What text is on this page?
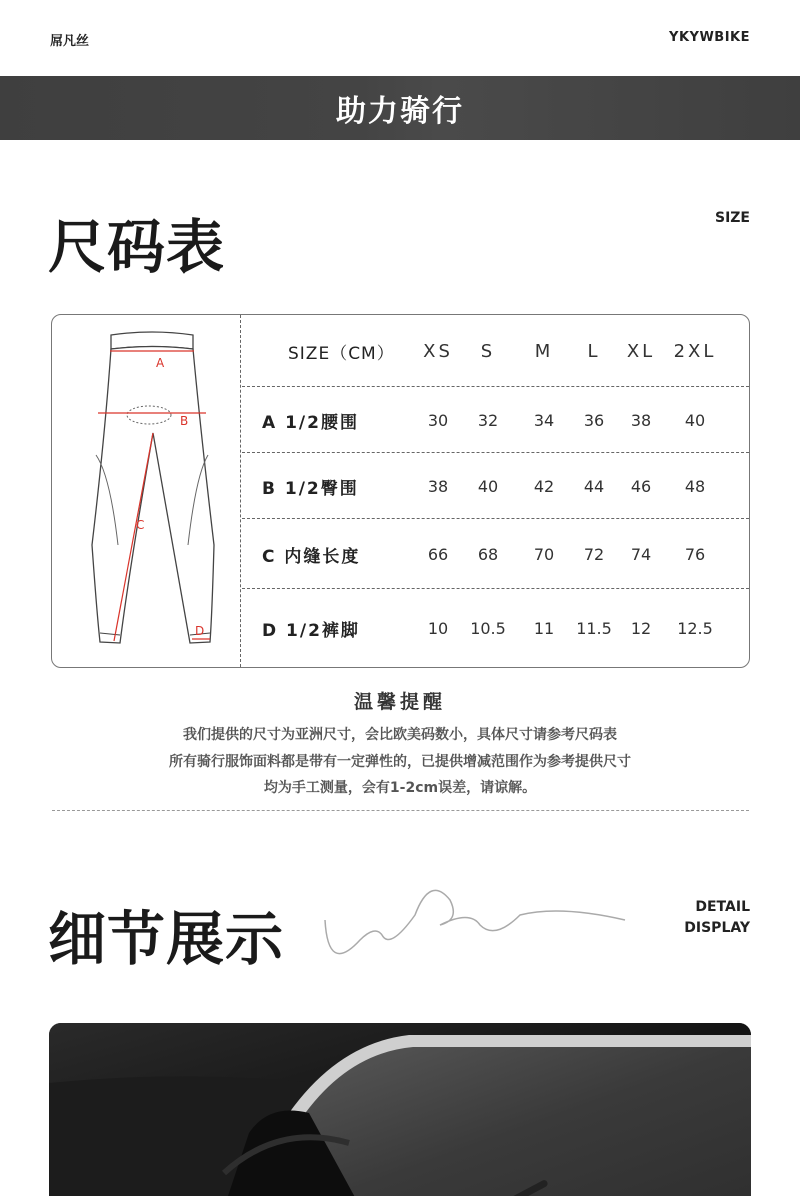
屌凡丝	YKYWBIKE
助力骑行
尺码表	SIZE
A
B
C
D
SIZE（CM）	XS	S	M	L	XL	2XL
A 1/2腰围	30	32	34	36	38	40
B 1/2臀围	38	40	42	44	46	48
C 内缝长度	66	68	70	72	74	76
D 1/2裤脚	10	10.5	11	11.5	12	12.5
温馨提醒
我们提供的尺寸为亚洲尺寸，会比欧美码数小，具体尺寸请参考尺码表
所有骑行服饰面料都是带有一定弹性的，已提供增减范围作为参考提供尺寸
均为手工测量，会有1-2cm误差，请谅解。
细节展示	DETAIL
DISPLAY
